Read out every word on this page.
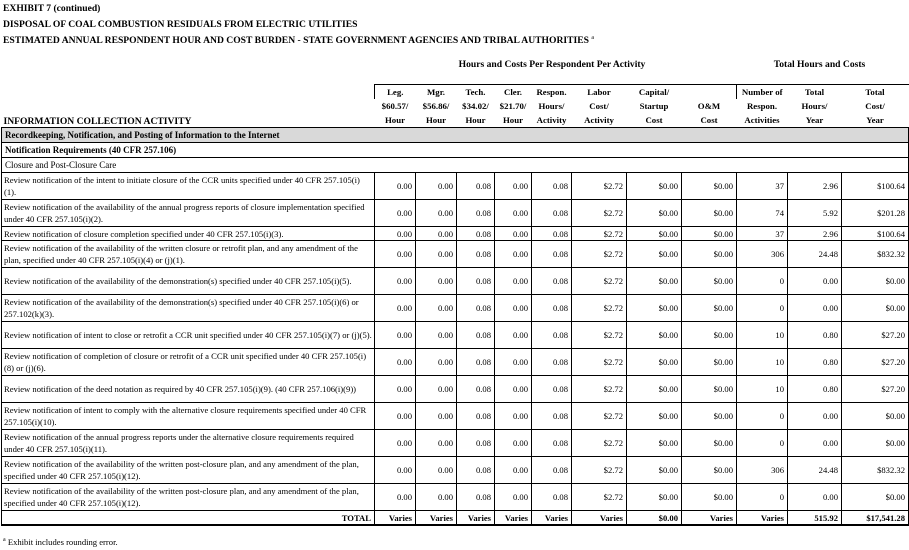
EXHIBIT 7 (continued)
DISPOSAL OF COAL COMBUSTION RESIDUALS FROM ELECTRIC UTILITIES
ESTIMATED ANNUAL RESPONDENT HOUR AND COST BURDEN - STATE GOVERNMENT AGENCIES AND TRIBAL AUTHORITIES $^a$
Hours and Costs Per Respondent Per Activity	Total Hours and Costs
	Leg.	Mgr.	Tech.	Cler.	Respon.	Labor	Capital/		Number of	Total	Total
	$60.57/	$56.86/	$34.02/	$21.70/	Hours/	Cost/	Startup	O&M	Respon.	Hours/	Cost/
INFORMATION COLLECTION ACTIVITY	Hour	Hour	Hour	Hour	Activity	Activity	Cost	Cost	Activities	Year	Year
Recordkeeping, Notification, and Posting of Information to the Internet											
Notification Requirements (40 CFR 257.106)											
Closure and Post-Closure Care											
Review notification of the intent to initiate closure of the CCR units specified under 40 CFR 257.105(i)(1).	0.00	0.00	0.08	0.00	0.08	$2.72	$0.00	$0.00	37	2.96	$100.64
Review notification of the availability of the annual progress reports of closure implementation specified under 40 CFR 257.105(i)(2).	0.00	0.00	0.08	0.00	0.08	$2.72	$0.00	$0.00	74	5.92	$201.28
Review notification of closure completion specified under 40 CFR 257.105(i)(3).	0.00	0.00	0.08	0.00	0.08	$2.72	$0.00	$0.00	37	2.96	$100.64
Review notification of the availability of the written closure or retrofit plan, and any amendment of the plan, specified under 40 CFR 257.105(i)(4) or (j)(1).	0.00	0.00	0.08	0.00	0.08	$2.72	$0.00	$0.00	306	24.48	$832.32
Review notification of the availability of the demonstration(s) specified under 40 CFR 257.105(i)(5).	0.00	0.00	0.08	0.00	0.08	$2.72	$0.00	$0.00	0	0.00	$0.00
Review notification of the availability of the demonstration(s) specified under 40 CFR 257.105(i)(6) or 257.102(k)(3).	0.00	0.00	0.08	0.00	0.08	$2.72	$0.00	$0.00	0	0.00	$0.00
Review notification of intent to close or retrofit a CCR unit specified under 40 CFR 257.105(i)(7) or (j)(5).	0.00	0.00	0.08	0.00	0.08	$2.72	$0.00	$0.00	10	0.80	$27.20
Review notification of completion of closure or retrofit of a CCR unit specified under 40 CFR 257.105(i)(8) or (j)(6).	0.00	0.00	0.08	0.00	0.08	$2.72	$0.00	$0.00	10	0.80	$27.20
Review notification of the deed notation as required by 40 CFR 257.105(i)(9). (40 CFR 257.106(i)(9))	0.00	0.00	0.08	0.00	0.08	$2.72	$0.00	$0.00	10	0.80	$27.20
Review notification of intent to comply with the alternative closure requirements specified under 40 CFR 257.105(i)(10).	0.00	0.00	0.08	0.00	0.08	$2.72	$0.00	$0.00	0	0.00	$0.00
Review notification of the annual progress reports under the alternative closure requirements required under 40 CFR 257.105(i)(11).	0.00	0.00	0.08	0.00	0.08	$2.72	$0.00	$0.00	0	0.00	$0.00
Review notification of the availability of the written post-closure plan, and any amendment of the plan, specified under 40 CFR 257.105(i)(12).	0.00	0.00	0.08	0.00	0.08	$2.72	$0.00	$0.00	306	24.48	$832.32
Review notification of the availability of the written post-closure plan, and any amendment of the plan, specified under 40 CFR 257.105(i)(12).	0.00	0.00	0.08	0.00	0.08	$2.72	$0.00	$0.00	0	0.00	$0.00
TOTAL	Varies	Varies	Varies	Varies	Varies	Varies	$0.00	Varies	Varies	515.92	$17,541.28
$^a$ Exhibit includes rounding error.
